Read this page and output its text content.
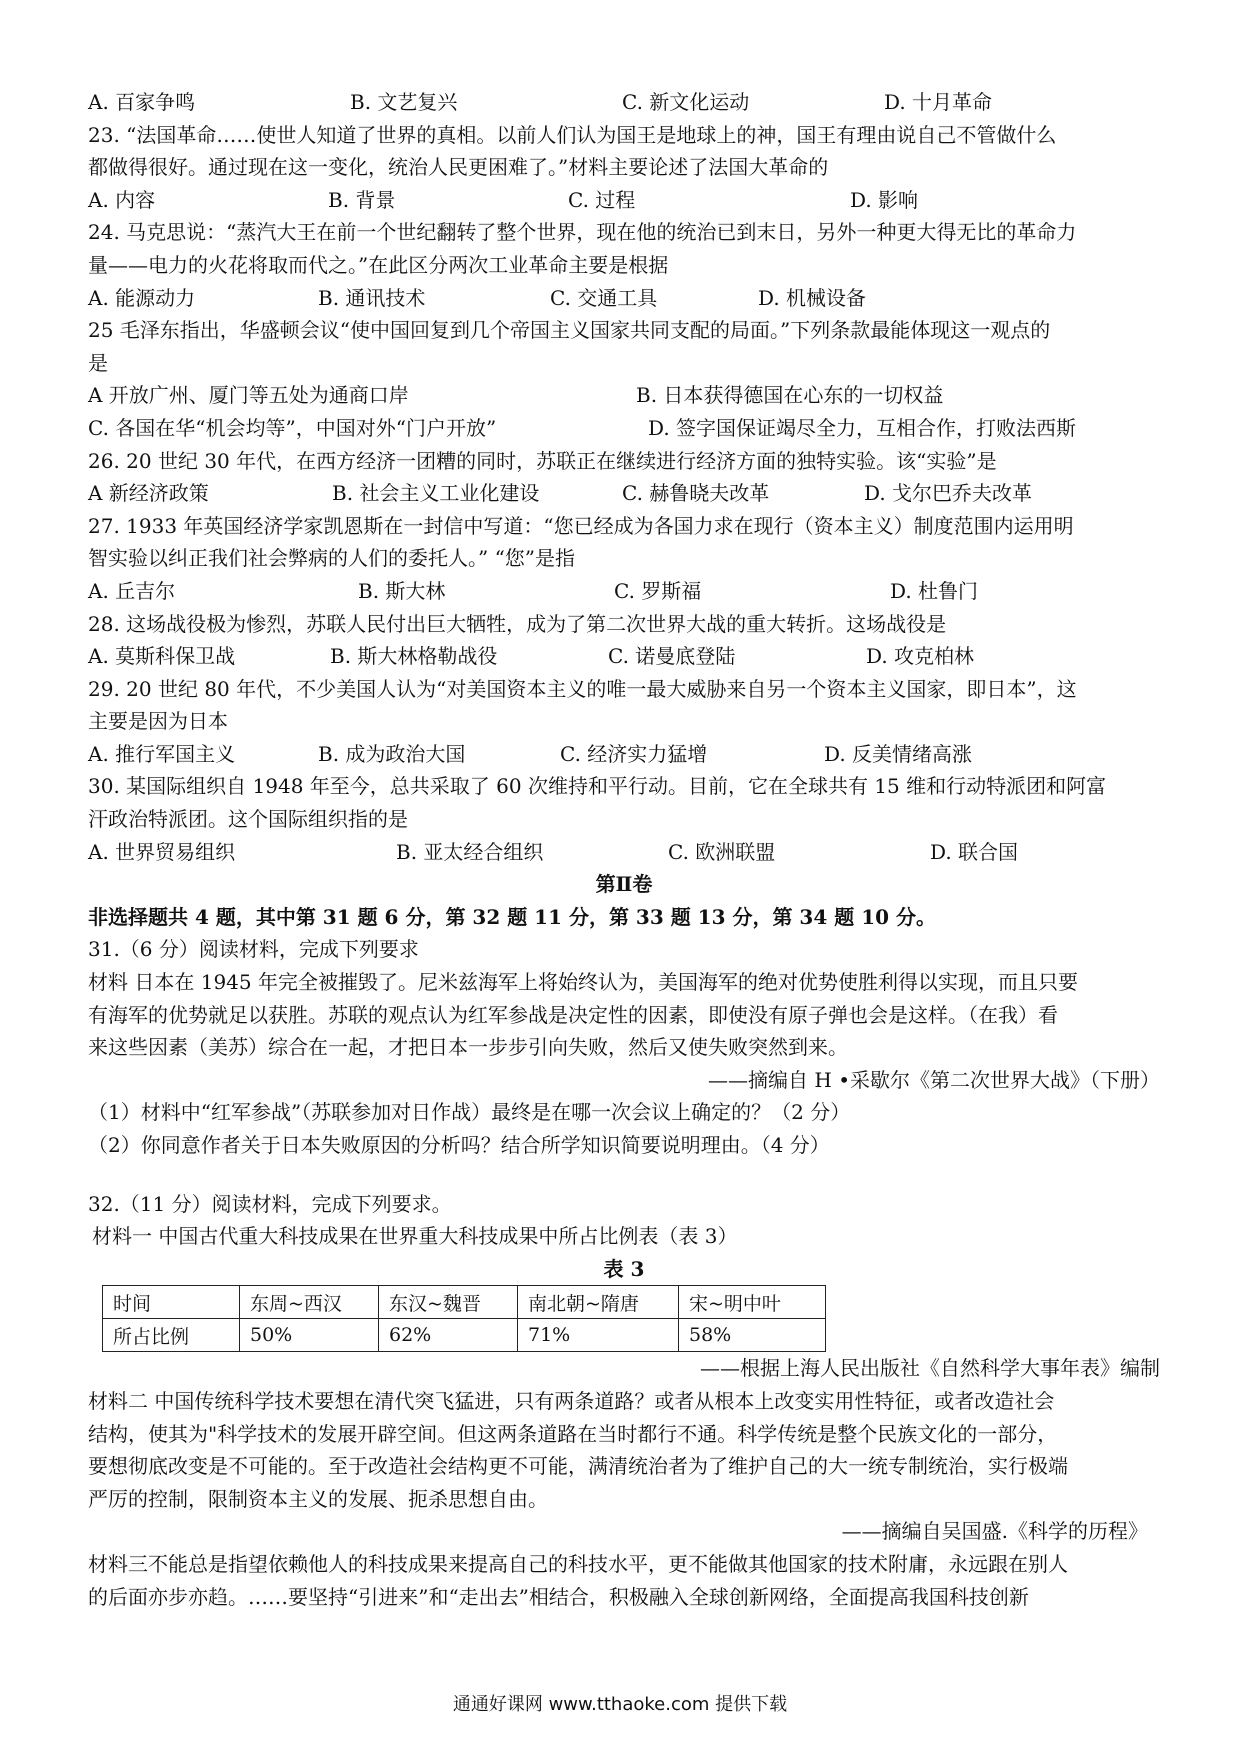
A. 百家争鸣	B. 文艺复兴	C. 新文化运动	D. 十月革命
23. “法国革命……使世人知道了世界的真相。以前人们认为国王是地球上的神，国王有理由说自己不管做什么
都做得很好。通过现在这一变化，统治人民更困难了。”材料主要论述了法国大革命的
A. 内容	B. 背景	C. 过程	D. 影响
24. 马克思说：“蒸汽大王在前一个世纪翻转了整个世界，现在他的统治已到末日，另外一种更大得无比的革命力
量——电力的火花将取而代之。”在此区分两次工业革命主要是根据
A. 能源动力	B. 通讯技术	C. 交通工具	D. 机械设备
25 毛泽东指出，华盛顿会议“使中国回复到几个帝国主义国家共同支配的局面。”下列条款最能体现这一观点的
是
A 开放广州、厦门等五处为通商口岸	B. 日本获得德国在心东的一切权益
C. 各国在华“机会均等”，中国对外“门户开放”	D. 签字国保证竭尽全力，互相合作，打败法西斯
26. 20 世纪 30 年代，在西方经济一团糟的同时，苏联正在继续进行经济方面的独特实验。该“实验”是
A 新经济政策	B. 社会主义工业化建设	C. 赫鲁晓夫改革	D. 戈尔巴乔夫改革
27. 1933 年英国经济学家凯恩斯在一封信中写道：“您已经成为各国力求在现行（资本主义）制度范围内运用明
智实验以纠正我们社会弊病的人们的委托人。” “您”是指
A. 丘吉尔	B. 斯大林	C. 罗斯福	D. 杜鲁门
28. 这场战役极为惨烈，苏联人民付出巨大牺牲，成为了第二次世界大战的重大转折。这场战役是
A. 莫斯科保卫战	B. 斯大林格勒战役	C. 诺曼底登陆	D. 攻克柏林
29. 20 世纪 80 年代，不少美国人认为“对美国资本主义的唯一最大威胁来自另一个资本主义国家，即日本”，这
主要是因为日本
A. 推行军国主义	B. 成为政治大国	C. 经济实力猛增	D. 反美情绪高涨
30. 某国际组织自 1948 年至今，总共采取了 60 次维持和平行动。目前，它在全球共有 15 维和行动特派团和阿富
汗政治特派团。这个国际组织指的是
A. 世界贸易组织	B. 亚太经合组织	C. 欧洲联盟	D. 联合国
第Ⅱ卷
非选择题共 4 题，其中第 31 题 6 分，第 32 题 11 分，第 33 题 13 分，第 34 题 10 分。
31.（6 分）阅读材料，完成下列要求
材料 日本在 1945 年完全被摧毁了。尼米兹海军上将始终认为，美国海军的绝对优势使胜利得以实现，而且只要
有海军的优势就足以获胜。苏联的观点认为红军参战是决定性的因素，即使没有原子弹也会是这样。（在我）看
来这些因素（美苏）综合在一起，才把日本一步步引向失败，然后又使失败突然到来。
——摘编自 H •采歇尔《第二次世界大战》（下册）
（1）材料中“红军参战”（苏联参加对日作战）最终是在哪一次会议上确定的？（2 分）
（2）你同意作者关于日本失败原因的分析吗？结合所学知识简要说明理由。（4 分）
32.（11 分）阅读材料，完成下列要求。
材料一 中国古代重大科技成果在世界重大科技成果中所占比例表（表 3）
表 3
时间	东周~西汉	东汉~魏晋	南北朝~隋唐	宋~明中叶
所占比例	50%	62%	71%	58%
——根据上海人民出版社《自然科学大事年表》编制
材料二 中国传统科学技术要想在清代突飞猛进，只有两条道路？或者从根本上改变实用性特征，或者改造社会
结构，使其为"科学技术的发展开辟空间。但这两条道路在当时都行不通。科学传统是整个民族文化的一部分，
要想彻底改变是不可能的。至于改造社会结构更不可能，满清统治者为了维护自己的大一统专制统治，实行极端
严厉的控制，限制资本主义的发展、扼杀思想自由。
——摘编自吴国盛.《科学的历程》
材料三不能总是指望依赖他人的科技成果来提高自己的科技水平，更不能做其他国家的技术附庸，永远跟在别人
的后面亦步亦趋。……要坚持“引进来”和“走出去”相结合，积极融入全球创新网络，全面提高我国科技创新
通通好课网 www.tthaoke.com 提供下载
